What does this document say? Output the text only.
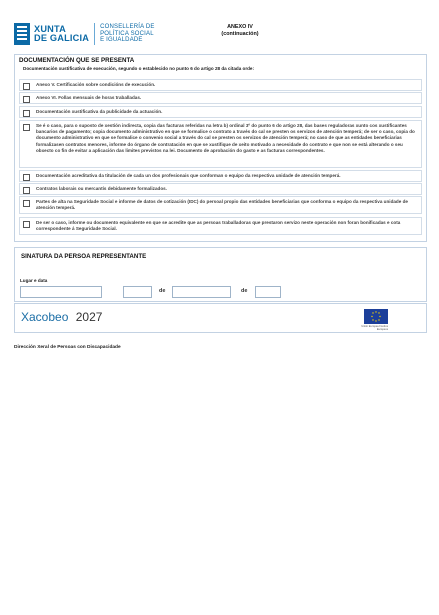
XUNTA
DE GALICIA
CONSELLERÍA DE
POLÍTICA SOCIAL
E IGUALDADE
ANEXO IV
(continuación)
DOCUMENTACIÓN QUE SE PRESENTA
Documentación xustificativa de execución, segundo o establecido no punto 6 do artigo 28 da citada orde:
Anexo V. Certificación sobre condicións de execución.
Anexo VI. Follas mensuais de horas traballadas.
Documentación xustificativa da publicidade da actuación.
Se é o caso, para o suposto de xestión indirecta, copia das facturas referidas na letra b) ordinal 3º do punto 6 do artigo 28, das bases reguladoras xunto cos xustificantes bancarios de pagamento; copia documento administrativo en que se formalice o contrato a través do cal se presten os servizos de atención temperá; de ser o caso, copia do documento administrativo en que se formalice o convenio social a través do cal se presten os servizos de atención temperá; no caso de que as entidades beneficiarias formalizasen contratos menores, informe do órgano de contratación en que se xustifique de xeito motivado a necesidade do contrato e que non se está alterando o seu obxecto co fin de evitar a aplicación das limites previstos na lei. Documento de aprobación do gasto e as facturas correspondentes.
Documentación acreditativa da titulación de cada un dos profesionais que conforman o equipo da respectiva unidade de atención temperá.
Contratos laborais ou mercantís debidamente formalizados.
Partes de alta na Seguridade Social e informe de datos de cotización (IDC) do persoal propio das entidades beneficiarias que conforma o equipo da respectiva unidade de atención temperá.
De ser o caso, informe ou documento equivalente en que se acredite que as persoas traballadoras que prestaron servizo neste operación non foran bonificadas e cota correspondente á Seguridade Social.
SINATURA DA PERSOA REPRESENTANTE
Lugar e data
de	de
Xacobeo 2027
Unión Europea Fondos Europeos
Dirección Xeral de Persoas con Discapacidade
